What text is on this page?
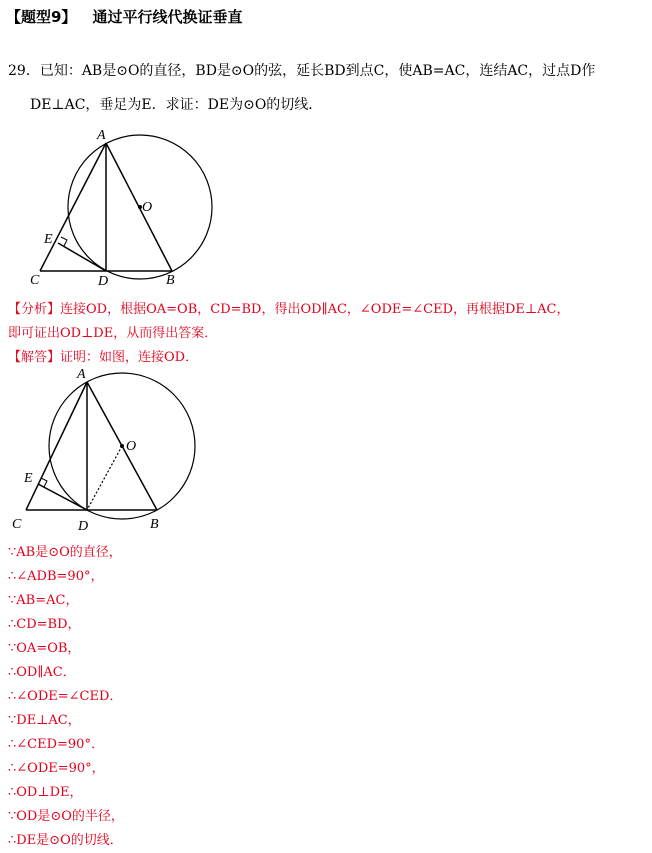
【题型9】 通过平行线代换证垂直
29．已知：AB是⊙O的直径，BD是⊙O的弦，延长BD到点C，使AB=AC，连结AC，过点D作
DE⊥AC，垂足为E．求证：DE为⊙O的切线．
A
O
E
C	D	B
【分析】连接OD，根据OA=OB，CD=BD，得出OD∥AC，∠ODE=∠CED，再根据DE⊥AC，
即可证出OD⊥DE，从而得出答案．
【解答】证明：如图，连接OD．
A
O
E
C	D	B
∵AB是⊙O的直径，
∴∠ADB=90°，
∵AB=AC，
∴CD=BD，
∵OA=OB，
∴OD∥AC．
∴∠ODE=∠CED．
∵DE⊥AC，
∴∠CED=90°．
∴∠ODE=90°，
∴OD⊥DE，
∵OD是⊙O的半径，
∴DE是⊙O的切线．
